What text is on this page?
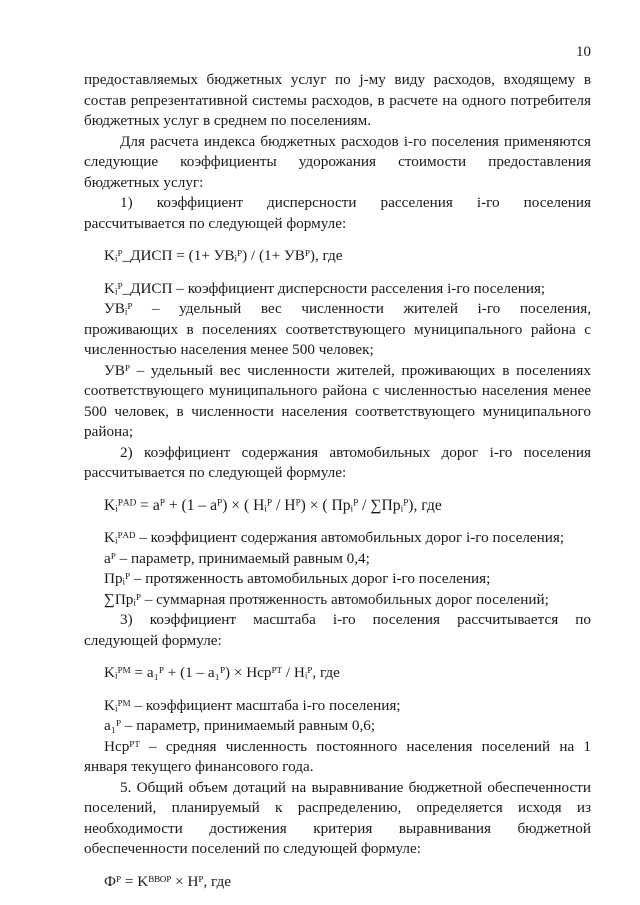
10

предоставляемых бюджетных услуг по j-му виду расходов, входящему в

состав репрезентативной системы расходов, в расчете на одного потребителя

бюджетных услуг в среднем по поселениям.

Для расчета индекса бюджетных расходов i-го поселения применяются

следующие коэффициенты удорожания стоимости предоставления

бюджетных услуг:

1) коэффициент дисперсности расселения i-го поселения

рассчитывается по следующей формуле:

Kᵢᴾ_ДИСП = (1+ УВᵢᴾ) / (1+ УВᴾ), где

Kᵢᴾ_ДИСП – коэффициент дисперсности расселения i-го поселения;

УВᵢᴾ – удельный вес численности жителей i-го поселения,

проживающих в поселениях соответствующего муниципального района с

численностью населения менее 500 человек;

УВᴾ – удельный вес численности жителей, проживающих в поселениях

соответствующего муниципального района с численностью населения менее

500 человек, в численности населения соответствующего муниципального

района;

2) коэффициент содержания автомобильных дорог i-го поселения

рассчитывается по следующей формуле:

Kᵢᴾᴬᴰ = aᴾ + (1 – aᴾ) × ( Hᵢᴾ / Hᴾ) × ( Прᵢᴾ / ∑Прᵢᴾ), где

Kᵢᴾᴬᴰ – коэффициент содержания автомобильных дорог i-го поселения;

aᴾ – параметр, принимаемый равным 0,4;

Прᵢᴾ – протяженность автомобильных дорог i-го поселения;

∑Прᵢᴾ – суммарная протяженность автомобильных дорог поселений;

3) коэффициент масштаба i-го поселения рассчитывается по

следующей формуле:

Kᵢᴾᴹ = a₁ᴾ + (1 – a₁ᴾ) × Hсрᴾᵀ / Hᵢᴾ, где

Kᵢᴾᴹ – коэффициент масштаба i-го поселения;

a₁ᴾ – параметр, принимаемый равным 0,6;

Hсрᴾᵀ – средняя численность постоянного населения поселений на 1

января текущего финансового года.

5. Общий объем дотаций на выравнивание бюджетной обеспеченности

поселений, планируемый к распределению, определяется исходя из

необходимости достижения критерия выравнивания бюджетной

обеспеченности поселений по следующей формуле:

Фᴾ = Kᴮᴮᴼᴾ × Hᴾ, где
